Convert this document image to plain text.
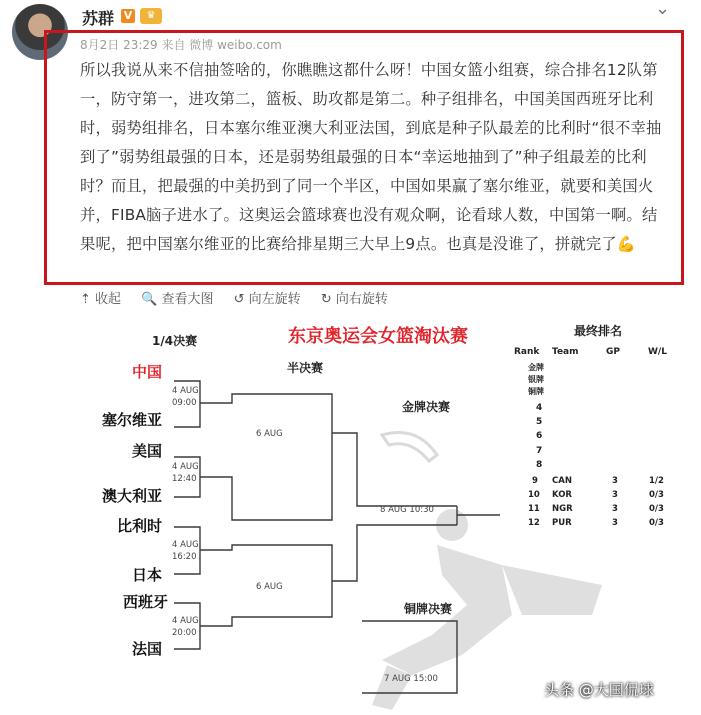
苏群 V	♛	⌄
8月2日 23:29 来自 微博 weibo.com
所以我说从来不信抽签啥的，你瞧瞧这都什么呀！中国女篮小组赛，综合排名12队第一，防守第一，进攻第二，篮板、助攻都是第二。种子组排名，中国美国西班牙比利时，弱势组排名，日本塞尔维亚澳大利亚法国，到底是种子队最差的比利时“很不幸抽到了”弱势组最强的日本，还是弱势组最强的日本“幸运地抽到了”种子组最差的比利时？而且，把最强的中美扔到了同一个半区，中国如果赢了塞尔维亚，就要和美国火并，FIBA脑子进水了。这奥运会篮球赛也没有观众啊，论看球人数，中国第一啊。结果呢，把中国塞尔维亚的比赛给排星期三大早上9点。也真是没谁了，拼就完了💪
⇡ 收起 🔍 查看大图 ↺ 向左旋转 ↻ 向右旋转
东京奥运会女篮淘汰赛
1/4决赛
半决赛
金牌决赛
铜牌决赛
中国
塞尔维亚
美国
澳大利亚
比利时
日本
西班牙
法国
4 AUG
09:00
4 AUG
12:40
4 AUG
16:20
4 AUG
20:00
6 AUG
6 AUG
8 AUG 10:30
7 AUG 15:00
最终排名
Rank Team	GP	W/L
金牌
银牌
铜牌
4
5
6
7
8
9 CAN	3	1/2
10 KOR	3	0/3
11 NGR	3	0/3
12 PUR	3	0/3
头条 @大国侃球
